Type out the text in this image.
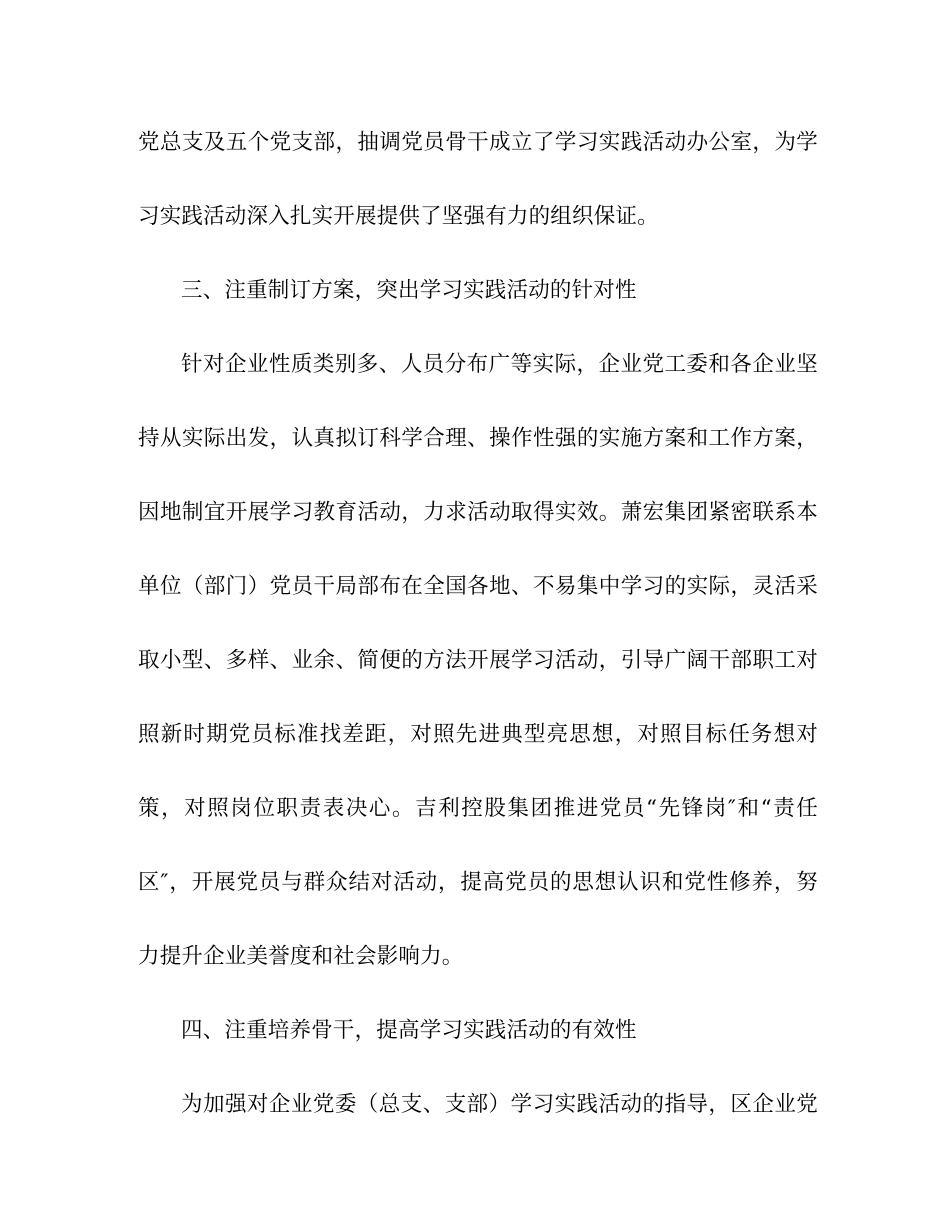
党总支及五个党支部，抽调党员骨干成立了学习实践活动办公室，为学
习实践活动深入扎实开展提供了坚强有力的组织保证。
三、注重制订方案，突出学习实践活动的针对性
针对企业性质类别多、人员分布广等实际，企业党工委和各企业坚
持从实际出发，认真拟订科学合理、操作性强的实施方案和工作方案，
因地制宜开展学习教育活动，力求活动取得实效。萧宏集团紧密联系本
单位（部门）党员干局部布在全国各地、不易集中学习的实际，灵活采
取小型、多样、业余、简便的方法开展学习活动，引导广阔干部职工对
照新时期党员标准找差距，对照先进典型亮思想，对照目标任务想对
策，对照岗位职责表决心。吉利控股集团推进党员“先锋岗″和“责任
区″，开展党员与群众结对活动，提高党员的思想认识和党性修养，努
力提升企业美誉度和社会影响力。
四、注重培养骨干，提高学习实践活动的有效性
为加强对企业党委（总支、支部）学习实践活动的指导，区企业党
